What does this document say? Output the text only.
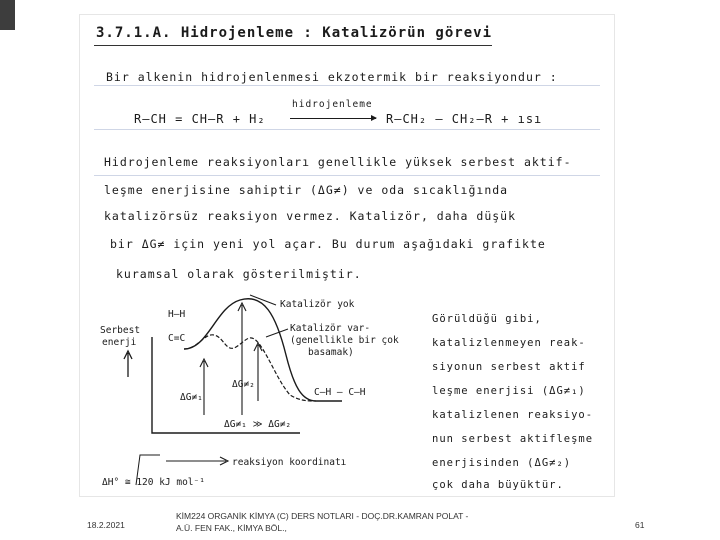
3.7.1.A. Hidrojenleme : Katalizörün görevi
Bir alkenin hidrojenlenmesi ekzotermik bir reaksiyondur :
R–CH = CH–R + H₂
hidrojenleme
R–CH₂ – CH₂–R + ısı
Hidrojenleme reaksiyonları genellikle yüksek serbest aktif-
leşme enerjisine sahiptir (ΔG≠) ve oda sıcaklığında
katalizörsüz reaksiyon vermez. Katalizör, daha düşük
bir ΔG≠ için yeni yol açar. Bu durum aşağıdaki grafikte
kuramsal olarak gösterilmiştir.
Serbest
enerji
H–H
C=C
Katalizör yok
Katalizör var-
(genellikle bir çok
basamak)
ΔG≠₁
ΔG≠₂
C–H – C–H
ΔG≠₁ ≫ ΔG≠₂
reaksiyon koordinatı
ΔH° ≅ 120 kJ mol⁻¹
Görüldüğü gibi,
katalizlenmeyen reak-
siyonun serbest aktif
leşme enerjisi (ΔG≠₁)
katalizlenen reaksiyo-
nun serbest aktifleşme
enerjisinden (ΔG≠₂)
çok daha büyüktür.
18.2.2021
KİM224 ORGANİK KİMYA (C) DERS NOTLARI - DOÇ.DR.KAMRAN POLAT -
A.Ü. FEN FAK., KİMYA BÖL.,	61
